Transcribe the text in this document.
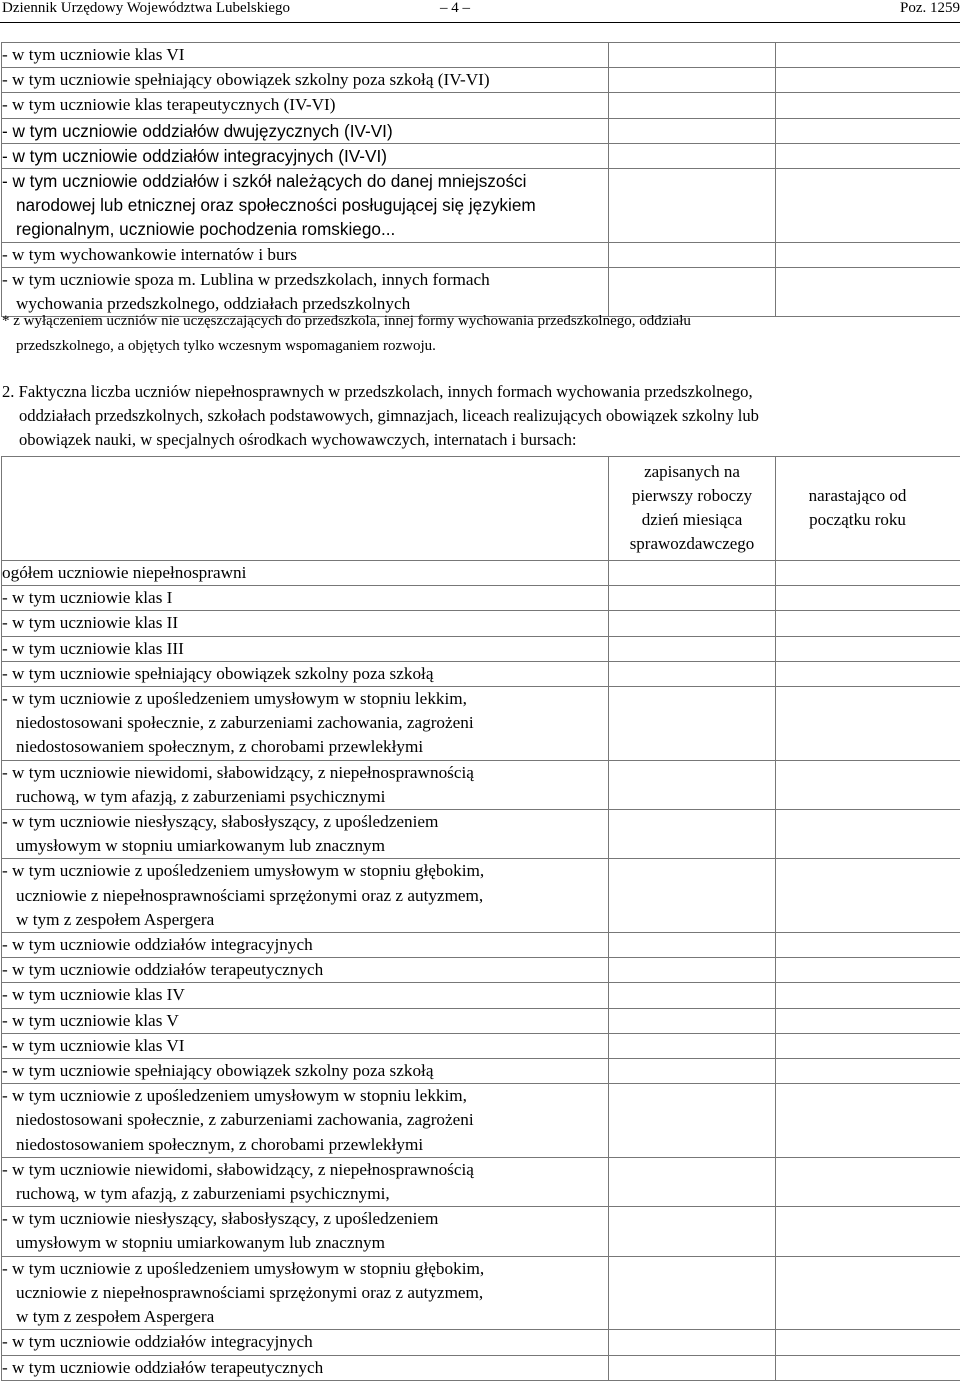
Dziennik Urzędowy Województwa Lubelskiego	– 4 –	Poz. 1259
- w tym uczniowie klas VI		

- w tym uczniowie spełniający obowiązek szkolny poza szkołą (IV-VI)		

- w tym uczniowie klas terapeutycznych (IV-VI)		

- w tym uczniowie oddziałów dwujęzycznych (IV-VI)		

- w tym uczniowie oddziałów integracyjnych (IV-VI)		

- w tym uczniowie oddziałów i szkół należących do danej mniejszości
narodowej lub etnicznej oraz społeczności posługującej się językiem
regionalnym, uczniowie pochodzenia romskiego...		

- w tym wychowankowie internatów i burs		

- w tym uczniowie spoza m. Lublina w przedszkolach, innych formach
wychowania przedszkolnego, oddziałach przedszkolnych		

* z wyłączeniem uczniów nie uczęszczających do przedszkola, innej formy wychowania przedszkolnego, oddziału
przedszkolnego, a objętych tylko wczesnym wspomaganiem rozwoju.
2. Faktyczna liczba uczniów niepełnosprawnych w przedszkolach, innych formach wychowania przedszkolnego,
oddziałach przedszkolnych, szkołach podstawowych, gimnazjach, liceach realizujących obowiązek szkolny lub
obowiązek nauki, w specjalnych ośrodkach wychowawczych, internatach i bursach:

	zapisanych na
pierwszy roboczy
dzień miesiąca
sprawozdawczego	narastająco od
początku roku

ogółem uczniowie niepełnosprawni		

- w tym uczniowie klas I		

- w tym uczniowie klas II		

- w tym uczniowie klas III		

- w tym uczniowie spełniający obowiązek szkolny poza szkołą		

- w tym uczniowie z upośledzeniem umysłowym w stopniu lekkim,
niedostosowani społecznie, z zaburzeniami zachowania, zagrożeni
niedostosowaniem społecznym, z chorobami przewlekłymi		

- w tym uczniowie niewidomi, słabowidzący, z niepełnosprawnością
ruchową, w tym afazją, z zaburzeniami psychicznymi		

- w tym uczniowie niesłyszący, słabosłyszący, z upośledzeniem
umysłowym w stopniu umiarkowanym lub znacznym		

- w tym uczniowie z upośledzeniem umysłowym w stopniu głębokim,
uczniowie z niepełnosprawnościami sprzężonymi oraz z autyzmem,
w tym z zespołem Aspergera		

- w tym uczniowie oddziałów integracyjnych		

- w tym uczniowie oddziałów terapeutycznych		

- w tym uczniowie klas IV		

- w tym uczniowie klas V		

- w tym uczniowie klas VI		

- w tym uczniowie spełniający obowiązek szkolny poza szkołą		

- w tym uczniowie z upośledzeniem umysłowym w stopniu lekkim,
niedostosowani społecznie, z zaburzeniami zachowania, zagrożeni
niedostosowaniem społecznym, z chorobami przewlekłymi		

- w tym uczniowie niewidomi, słabowidzący, z niepełnosprawnością
ruchową, w tym afazją, z zaburzeniami psychicznymi,		

- w tym uczniowie niesłyszący, słabosłyszący, z upośledzeniem
umysłowym w stopniu umiarkowanym lub znacznym		

- w tym uczniowie z upośledzeniem umysłowym w stopniu głębokim,
uczniowie z niepełnosprawnościami sprzężonymi oraz z autyzmem,
w tym z zespołem Aspergera		

- w tym uczniowie oddziałów integracyjnych		

- w tym uczniowie oddziałów terapeutycznych		
